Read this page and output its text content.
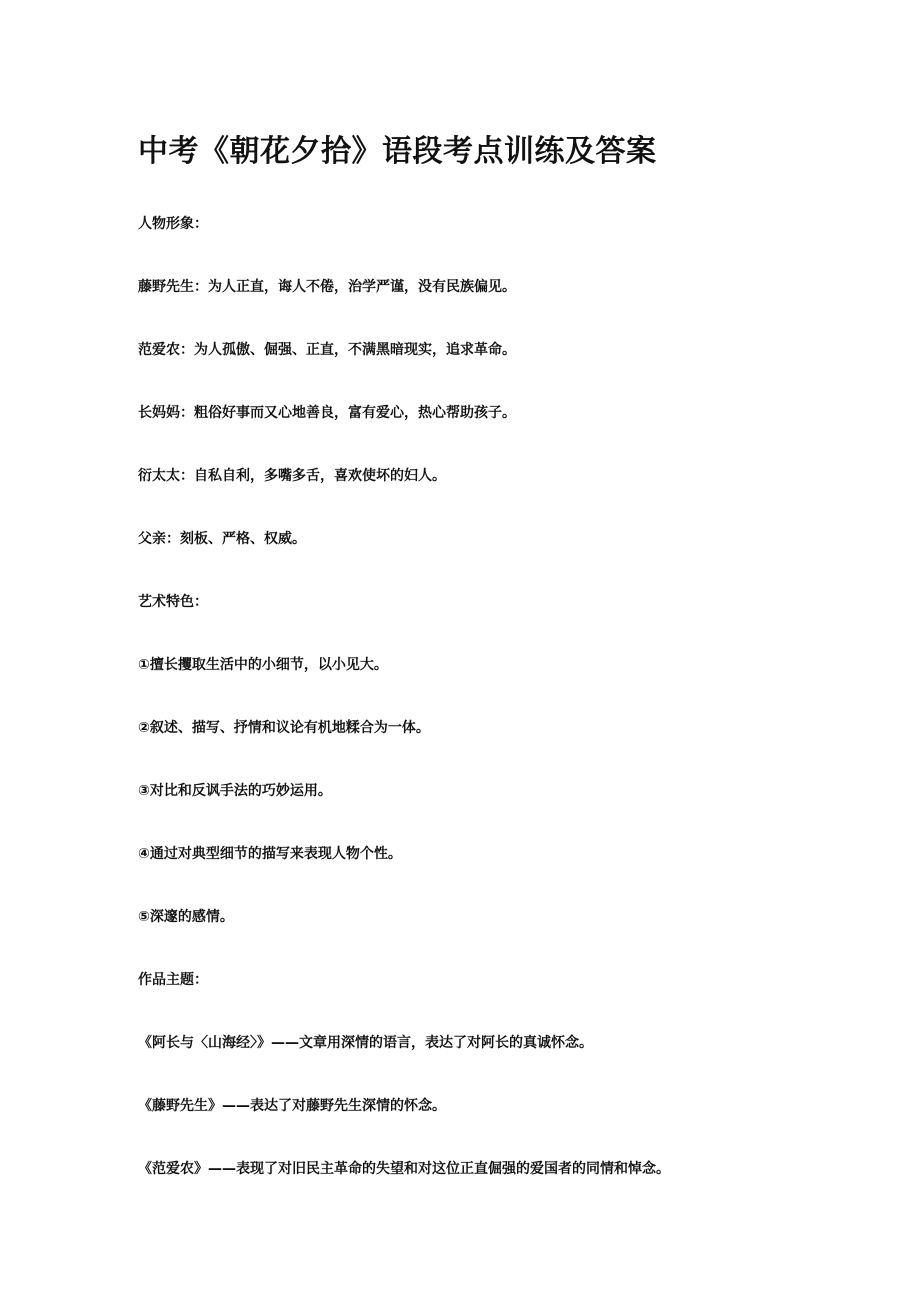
中考《朝花夕拾》语段考点训练及答案

人物形象：

藤野先生：为人正直，诲人不倦，治学严谨，没有民族偏见。

范爱农：为人孤傲、倔强、正直，不满黑暗现实，追求革命。

长妈妈：粗俗好事而又心地善良，富有爱心，热心帮助孩子。

衍太太：自私自利，多嘴多舌，喜欢使坏的妇人。

父亲：刻板、严格、权威。

艺术特色：

①擅长攫取生活中的小细节，以小见大。

②叙述、描写、抒情和议论有机地糅合为一体。

③对比和反讽手法的巧妙运用。

④通过对典型细节的描写来表现人物个性。

⑤深邃的感情。

作品主题：

《阿长与〈山海经〉》——文章用深情的语言，表达了对阿长的真诚怀念。

《藤野先生》——表达了对藤野先生深情的怀念。

《范爱农》——表现了对旧民主革命的失望和对这位正直倔强的爱国者的同情和悼念。
